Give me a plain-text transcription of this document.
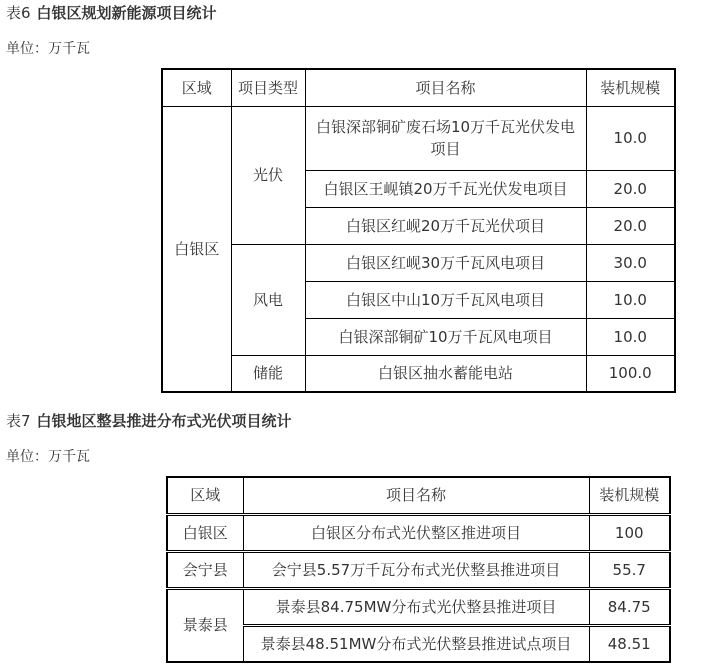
表6 白银区规划新能源项目统计
单位：万千瓦
区域	项目类型	项目名称	装机规模
白银区	光伏	白银深部铜矿废石场10万千瓦光伏发电项目	10.0
		白银区王岘镇20万千瓦光伏发电项目	20.0
		白银区红岘20万千瓦光伏项目	20.0
	风电	白银区红岘30万千瓦风电项目	30.0
		白银区中山10万千瓦风电项目	10.0
		白银深部铜矿10万千瓦风电项目	10.0
	储能	白银区抽水蓄能电站	100.0
表7 白银地区整县推进分布式光伏项目统计
单位：万千瓦
区域	项目名称	装机规模
白银区	白银区分布式光伏整区推进项目	100
会宁县	会宁县5.57万千瓦分布式光伏整县推进项目	55.7
景泰县	景泰县84.75MW分布式光伏整县推进项目	84.75
	景泰县48.51MW分布式光伏整县推进试点项目	48.51
